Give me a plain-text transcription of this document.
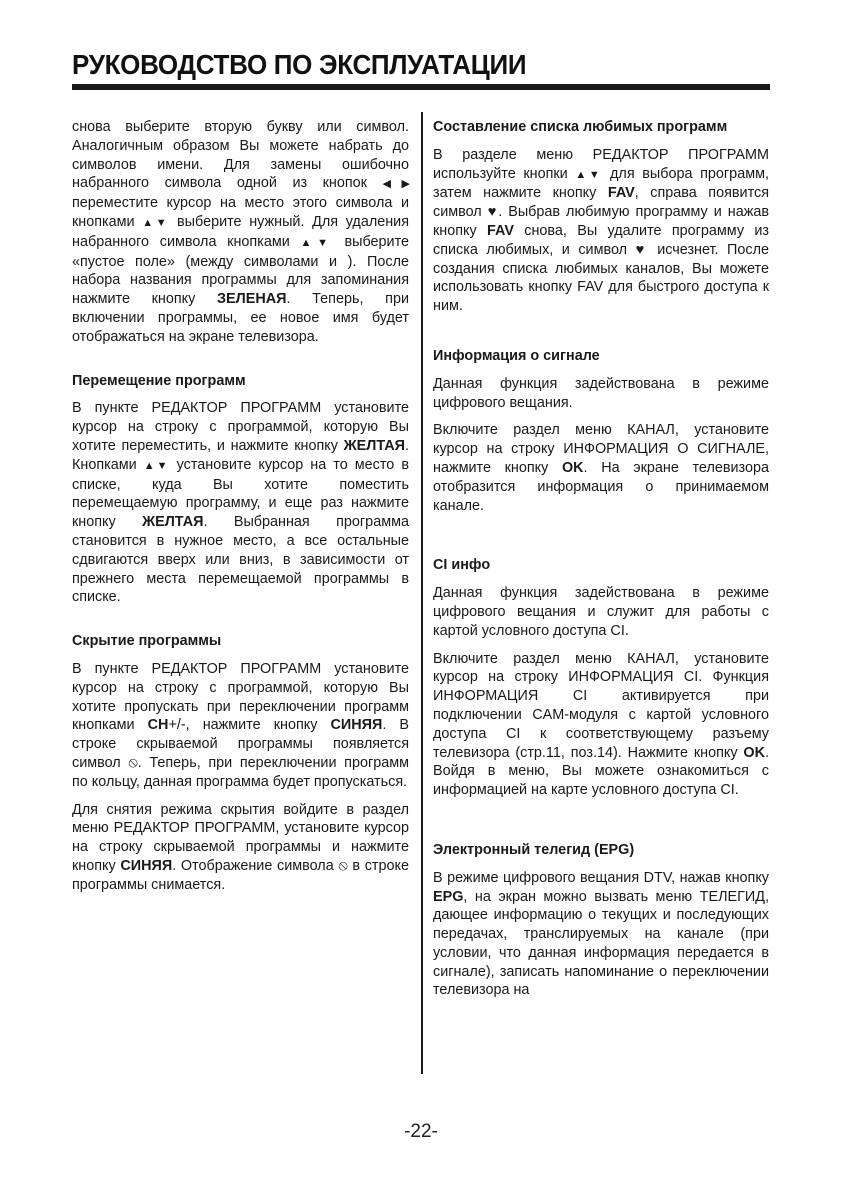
РУКОВОДСТВО ПО ЭКСПЛУАТАЦИИ

снова выберите вторую букву или символ. Аналогичным образом Вы можете набрать до символов имени. Для замены ошибочно набранного символа одной из кнопок ◀▶ переместите курсор на место этого символа и кнопками ▲▼ выберите нужный. Для удаления набранного символа кнопками ▲▼ выберите «пустое поле» (между символами и ). После набора названия программы для запоминания нажмите кнопку ЗЕЛЕНАЯ. Теперь, при включении программы, ее новое имя будет отображаться на экране телевизора.

Перемещение программ

В пункте РЕДАКТОР ПРОГРАММ установите курсор на строку с программой, которую Вы хотите переместить, и нажмите кнопку ЖЕЛТАЯ. Кнопками ▲▼ установите курсор на то место в списке, куда Вы хотите поместить перемещаемую программу, и еще раз нажмите кнопку ЖЕЛТАЯ. Выбранная программа становится в нужное место, а все остальные сдвигаются вверх или вниз, в зависимости от прежнего места перемещаемой программы в списке.

Скрытие программы

В пункте РЕДАКТОР ПРОГРАММ установите курсор на строку с программой, которую Вы хотите пропускать при переключении программ кнопками CH+/-, нажмите кнопку СИНЯЯ. В строке скрываемой программы появляется символ ⦸. Теперь, при переключении программ по кольцу, данная программа будет пропускаться.

Для снятия режима скрытия войдите в раздел меню РЕДАКТОР ПРОГРАММ, установите курсор на строку скрываемой программы и нажмите кнопку СИНЯЯ. Отображение символа ⦸ в строке программы снимается.

Составление списка любимых программ

В разделе меню РЕДАКТОР ПРОГРАММ используйте кнопки ▲▼ для выбора программ, затем нажмите кнопку FAV, справа появится символ ♥. Выбрав любимую программу и нажав кнопку FAV снова, Вы удалите программу из списка любимых, и символ ♥ исчезнет. После создания списка любимых каналов, Вы можете использовать кнопку FAV для быстрого доступа к ним.

Информация о сигнале

Данная функция задействована в режиме цифрового вещания.

Включите раздел меню КАНАЛ, установите курсор на строку ИНФОРМАЦИЯ О СИГНАЛЕ, нажмите кнопку OK. На экране телевизора отобразится информация о принимаемом канале.

CI инфо

Данная функция задействована в режиме цифрового вещания и служит для работы с картой условного доступа CI.

Включите раздел меню КАНАЛ, установите курсор на строку ИНФОРМАЦИЯ CI. Функция ИНФОРМАЦИЯ CI активируется при подключении CAM-модуля с картой условного доступа CI к соответствующему разъему телевизора (стр.11, поз.14). Нажмите кнопку OK. Войдя в меню, Вы можете ознакомиться с информацией на карте условного доступа CI.

Электронный телегид (EPG)

В режиме цифрового вещания DTV, нажав кнопку EPG, на экран можно вызвать меню ТЕЛЕГИД, дающее информацию о текущих и последующих передачах, транслируемых на канале (при условии, что данная информация передается в сигнале), записать напоминание о переключении телевизора на

-22-
